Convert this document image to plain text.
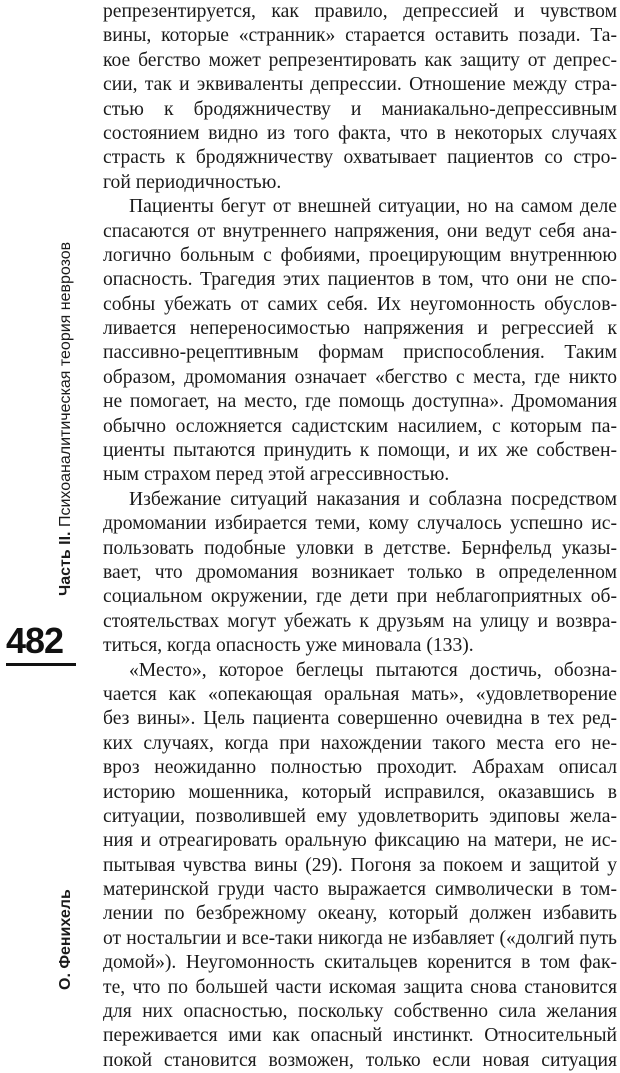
Часть II. Психоаналитическая теория неврозов
482
О. Фенихель
репрезентируется, как правило, депрессией и чувством
вины, которые «странник» старается оставить позади. Та-
кое бегство может репрезентировать как защиту от депрес-
сии, так и эквиваленты депрессии. Отношение между стра-
стью к бродяжничеству и маниакально-депрессивным
состоянием видно из того факта, что в некоторых случаях
страсть к бродяжничеству охватывает пациентов со стро-
гой периодичностью.
Пациенты бегут от внешней ситуации, но на самом деле
спасаются от внутреннего напряжения, они ведут себя ана-
логично больным с фобиями, проецирующим внутреннюю
опасность. Трагедия этих пациентов в том, что они не спо-
собны убежать от самих себя. Их неугомонность обуслов-
ливается непереносимостью напряжения и регрессией к
пассивно-рецептивным формам приспособления. Таким
образом, дромомания означает «бегство с места, где никто
не помогает, на место, где помощь доступна». Дромомания
обычно осложняется садистским насилием, с которым па-
циенты пытаются принудить к помощи, и их же собствен-
ным страхом перед этой агрессивностью.
Избежание ситуаций наказания и соблазна посредством
дромомании избирается теми, кому случалось успешно ис-
пользовать подобные уловки в детстве. Бернфельд указы-
вает, что дромомания возникает только в определенном
социальном окружении, где дети при неблагоприятных об-
стоятельствах могут убежать к друзьям на улицу и возвра-
титься, когда опасность уже миновала (133).
«Место», которое беглецы пытаются достичь, обозна-
чается как «опекающая оральная мать», «удовлетворение
без вины». Цель пациента совершенно очевидна в тех ред-
ких случаях, когда при нахождении такого места его не-
вроз неожиданно полностью проходит. Абрахам описал
историю мошенника, который исправился, оказавшись в
ситуации, позволившей ему удовлетворить эдиповы жела-
ния и отреагировать оральную фиксацию на матери, не ис-
пытывая чувства вины (29). Погоня за покоем и защитой у
материнской груди часто выражается символически в том-
лении по безбрежному океану, который должен избавить
от ностальгии и все-таки никогда не избавляет («долгий путь
домой»). Неугомонность скитальцев коренится в том фак-
те, что по большей части искомая защита снова становится
для них опасностью, поскольку собственно сила желания
переживается ими как опасный инстинкт. Относительный
покой становится возможен, только если новая ситуация
